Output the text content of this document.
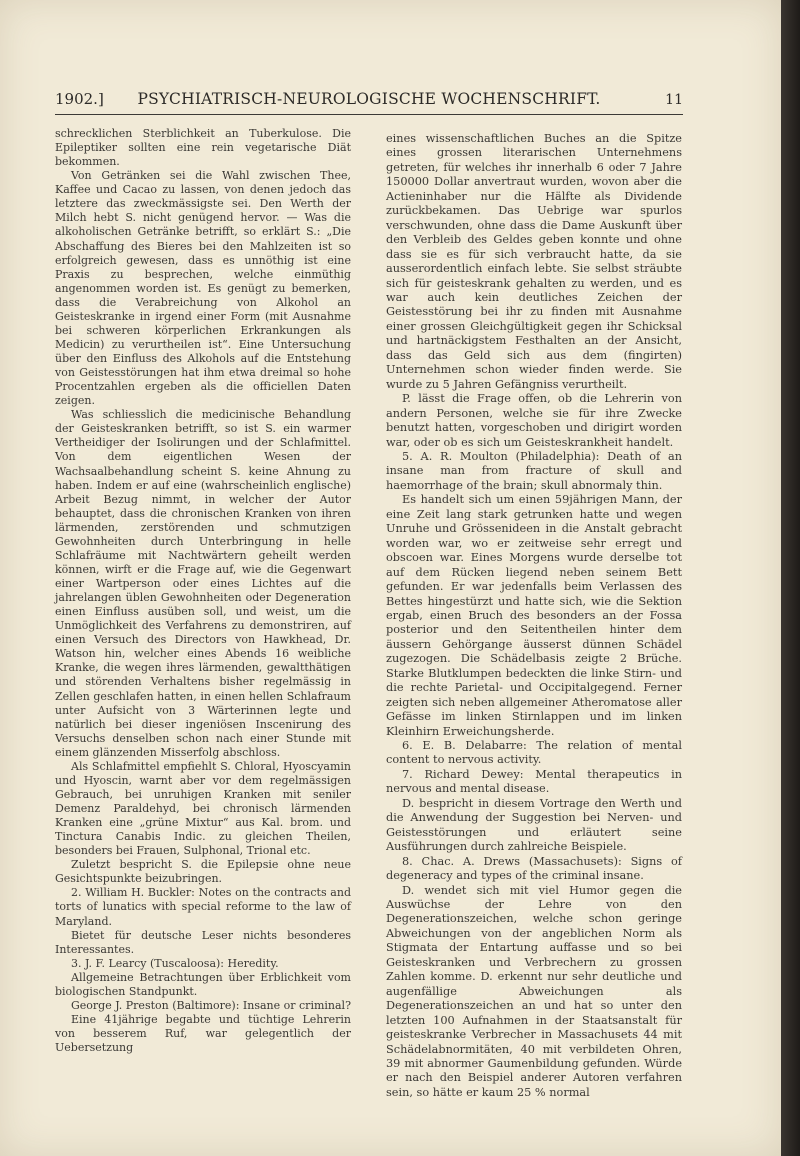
1902.]	PSYCHIATRISCH-NEUROLOGISCHE WOCHENSCHRIFT.	11

schrecklichen Sterblichkeit an Tuberkulose. Die Epileptiker sollten eine rein vegetarische Diät bekommen.

Von Getränken sei die Wahl zwischen Thee, Kaffee und Cacao zu lassen, von denen jedoch das letztere das zweckmässigste sei. Den Werth der Milch hebt S. nicht genügend hervor. — Was die alkoholischen Getränke betrifft, so erklärt S.: „Die Abschaffung des Bieres bei den Mahlzeiten ist so erfolgreich gewesen, dass es unnöthig ist eine Praxis zu besprechen, welche einmüthig angenommen worden ist. Es genügt zu bemerken, dass die Verabreichung von Alkohol an Geisteskranke in irgend einer Form (mit Ausnahme bei schweren körperlichen Erkrankungen als Medicin) zu verurtheilen ist“. Eine Untersuchung über den Einfluss des Alkohols auf die Entstehung von Geistesstörungen hat ihm etwa dreimal so hohe Procentzahlen ergeben als die officiellen Daten zeigen.

Was schliesslich die medicinische Behandlung der Geisteskranken betrifft, so ist S. ein warmer Vertheidiger der Isolirungen und der Schlafmittel. Von dem eigentlichen Wesen der Wachsaalbehandlung scheint S. keine Ahnung zu haben. Indem er auf eine (wahrscheinlich englische) Arbeit Bezug nimmt, in welcher der Autor behauptet, dass die chronischen Kranken von ihren lärmenden, zerstörenden und schmutzigen Gewohnheiten durch Unterbringung in helle Schlafräume mit Nachtwärtern geheilt werden können, wirft er die Frage auf, wie die Gegenwart einer Wartperson oder eines Lichtes auf die jahrelangen üblen Gewohnheiten oder Degeneration einen Einfluss ausüben soll, und weist, um die Unmöglichkeit des Verfahrens zu demonstriren, auf einen Versuch des Directors von Hawkhead, Dr. Watson hin, welcher eines Abends 16 weibliche Kranke, die wegen ihres lärmenden, gewaltthätigen und störenden Verhaltens bisher regelmässig in Zellen geschlafen hatten, in einen hellen Schlafraum unter Aufsicht von 3 Wärterinnen legte und natürlich bei dieser ingeniösen Inscenirung des Versuchs denselben schon nach einer Stunde mit einem glänzenden Misserfolg abschloss.

Als Schlafmittel empfiehlt S. Chloral, Hyoscyamin und Hyoscin, warnt aber vor dem regelmässigen Gebrauch, bei unruhigen Kranken mit seniler Demenz Paraldehyd, bei chronisch lärmenden Kranken eine „grüne Mixtur“ aus Kal. brom. und Tinctura Canabis Indic. zu gleichen Theilen, besonders bei Frauen, Sulphonal, Trional etc.

Zuletzt bespricht S. die Epilepsie ohne neue Gesichtspunkte beizubringen.

2. William H. Buckler: Notes on the contracts and torts of lunatics with special reforme to the law of Maryland.

Bietet für deutsche Leser nichts besonderes Interessantes.

3. J. F. Learcy (Tuscaloosa): Heredity.

Allgemeine Betrachtungen über Erblichkeit vom biologischen Standpunkt.

George J. Preston (Baltimore): Insane or criminal?

Eine 41jährige begabte und tüchtige Lehrerin von besserem Ruf, war gelegentlich der Uebersetzung

eines wissenschaftlichen Buches an die Spitze eines grossen literarischen Unternehmens getreten, für welches ihr innerhalb 6 oder 7 Jahre 150000 Dollar anvertraut wurden, wovon aber die Actieninhaber nur die Hälfte als Dividende zurückbekamen. Das Uebrige war spurlos verschwunden, ohne dass die Dame Auskunft über den Verbleib des Geldes geben konnte und ohne dass sie es für sich verbraucht hatte, da sie ausserordentlich einfach lebte. Sie selbst sträubte sich für geisteskrank gehalten zu werden, und es war auch kein deutliches Zeichen der Geistesstörung bei ihr zu finden mit Ausnahme einer grossen Gleichgültigkeit gegen ihr Schicksal und hartnäckigstem Festhalten an der Ansicht, dass das Geld sich aus dem (fingirten) Unternehmen schon wieder finden werde. Sie wurde zu 5 Jahren Gefängniss verurtheilt.

P. lässt die Frage offen, ob die Lehrerin von andern Personen, welche sie für ihre Zwecke benutzt hatten, vorgeschoben und dirigirt worden war, oder ob es sich um Geisteskrankheit handelt.

5. A. R. Moulton (Philadelphia): Death of an insane man from fracture of skull and haemorrhage of the brain; skull abnormaly thin.

Es handelt sich um einen 59jährigen Mann, der eine Zeit lang stark getrunken hatte und wegen Unruhe und Grössenideen in die Anstalt gebracht worden war, wo er zeitweise sehr erregt und obscoen war. Eines Morgens wurde derselbe tot auf dem Rücken liegend neben seinem Bett gefunden. Er war jedenfalls beim Verlassen des Bettes hingestürzt und hatte sich, wie die Sektion ergab, einen Bruch des besonders an der Fossa posterior und den Seitentheilen hinter dem äussern Gehörgange äusserst dünnen Schädel zugezogen. Die Schädelbasis zeigte 2 Brüche. Starke Blutklumpen bedeckten die linke Stirn- und die rechte Parietal- und Occipitalgegend. Ferner zeigten sich neben allgemeiner Atheromatose aller Gefässe im linken Stirnlappen und im linken Kleinhirn Erweichungsherde.

6. E. B. Delabarre: The relation of mental content to nervous activity.

7. Richard Dewey: Mental therapeutics in nervous and mental disease.

D. bespricht in diesem Vortrage den Werth und die Anwendung der Suggestion bei Nerven- und Geistesstörungen und erläutert seine Ausführungen durch zahlreiche Beispiele.

8. Chac. A. Drews (Massachusets): Signs of degeneracy and types of the criminal insane.

D. wendet sich mit viel Humor gegen die Auswüchse der Lehre von den Degenerationszeichen, welche schon geringe Abweichungen von der angeblichen Norm als Stigmata der Entartung auffasse und so bei Geisteskranken und Verbrechern zu grossen Zahlen komme. D. erkennt nur sehr deutliche und augenfällige Abweichungen als Degenerationszeichen an und hat so unter den letzten 100 Aufnahmen in der Staatsanstalt für geisteskranke Verbrecher in Massachusets 44 mit Schädelabnormitäten, 40 mit verbildeten Ohren, 39 mit abnormer Gaumenbildung gefunden. Würde er nach den Beispiel anderer Autoren verfahren sein, so hätte er kaum 25 % normal
